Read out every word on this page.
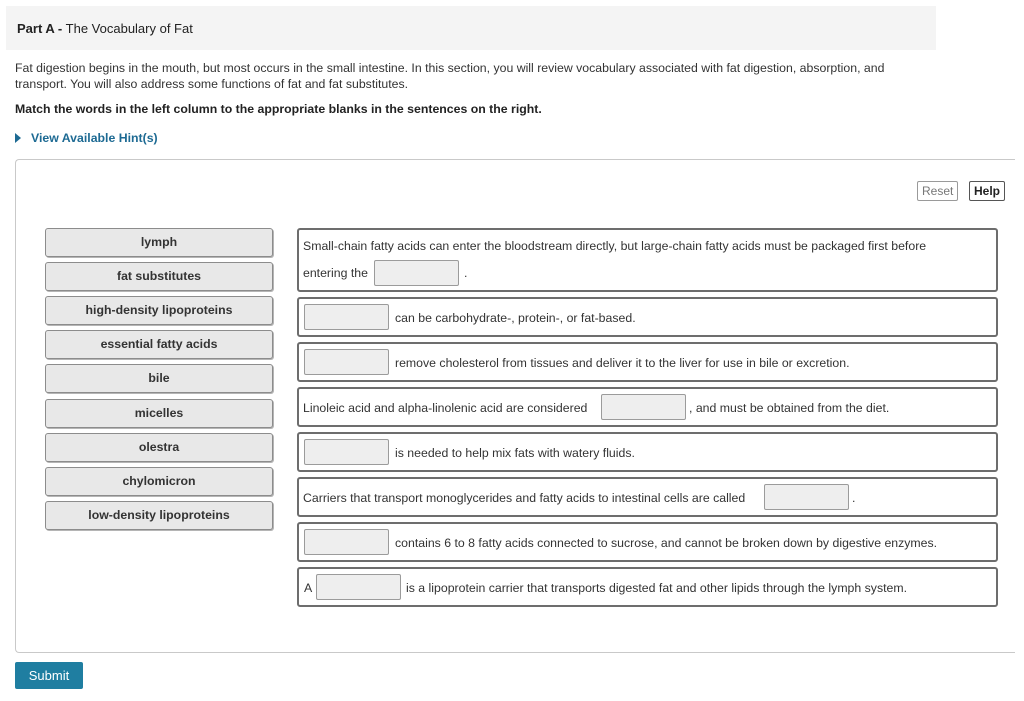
Part A - The Vocabulary of Fat
Fat digestion begins in the mouth, but most occurs in the small intestine. In this section, you will review vocabulary associated with fat digestion, absorption, and transport. You will also address some functions of fat and fat substitutes.
Match the words in the left column to the appropriate blanks in the sentences on the right.
View Available Hint(s)
Reset	Help
lymph
fat substitutes
high-density lipoproteins
essential fatty acids
bile
micelles
olestra
chylomicron
low-density lipoproteins
Small-chain fatty acids can enter the bloodstream directly, but large-chain fatty acids must be packaged first before
entering the	.
can be carbohydrate-, protein-, or fat-based.
remove cholesterol from tissues and deliver it to the liver for use in bile or excretion.
Linoleic acid and alpha-linolenic acid are considered	, and must be obtained from the diet.
is needed to help mix fats with watery fluids.
Carriers that transport monoglycerides and fatty acids to intestinal cells are called	.
contains 6 to 8 fatty acids connected to sucrose, and cannot be broken down by digestive enzymes.
A	is a lipoprotein carrier that transports digested fat and other lipids through the lymph system.
Submit
